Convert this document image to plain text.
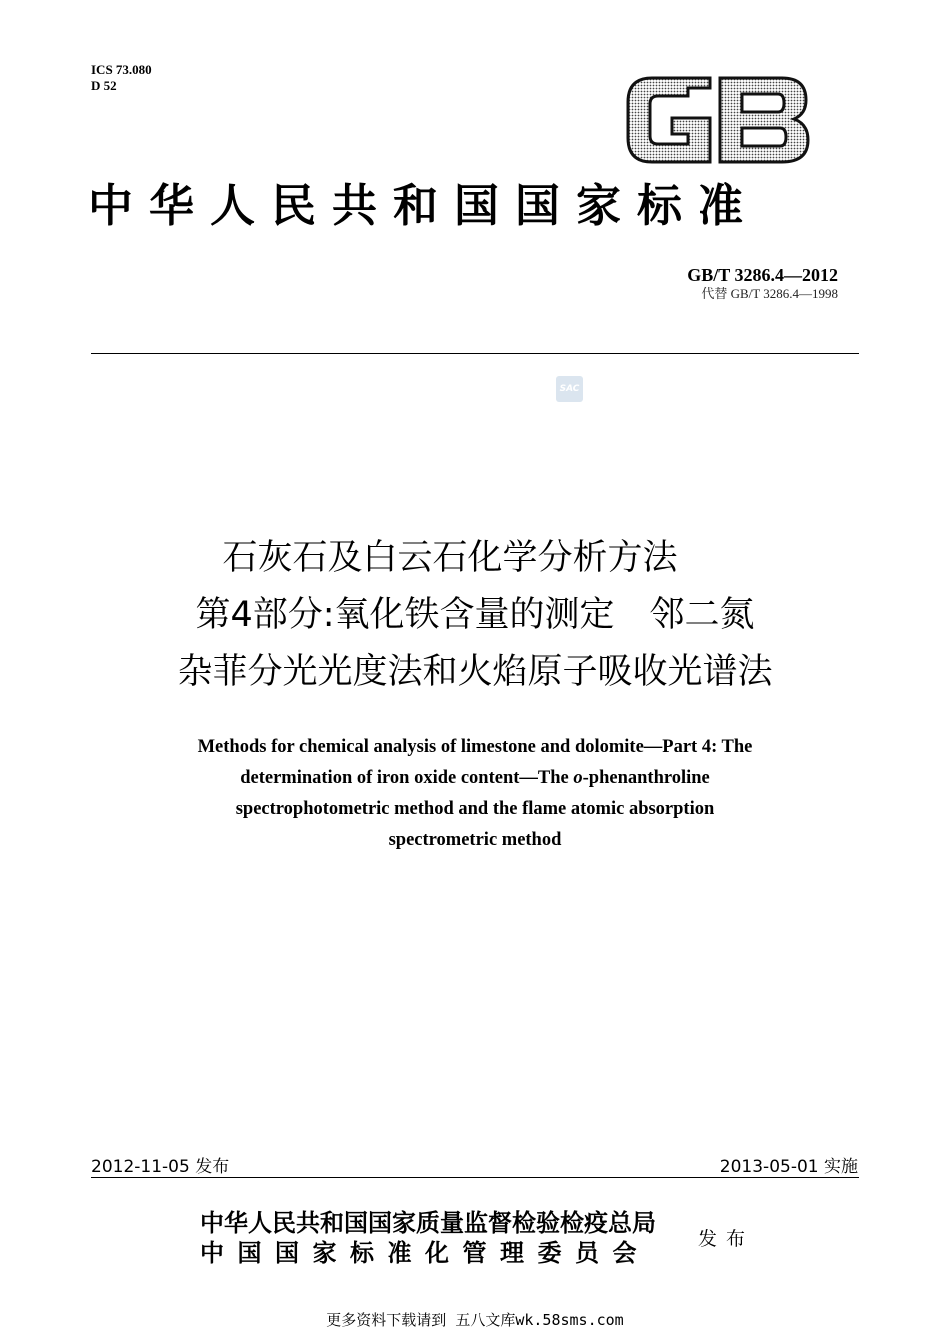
ICS 73.080
D 52
中华人民共和国国家标准
GB/T 3286.4—2012
代替 GB/T 3286.4—1998
SAC
石灰石及白云石化学分析方法
第4部分:氧化铁含量的测定　邻二氮
杂菲分光光度法和火焰原子吸收光谱法
Methods for chemical analysis of limestone and dolomite—Part 4: The
determination of iron oxide content—The o-phenanthroline
spectrophotometric method and the flame atomic absorption
spectrometric method
2012-11-05 发布	2013-05-01 实施
中华人民共和国国家质量监督检验检疫总局
中国国家标准化管理委员会	发布
更多资料下载请到 五八文库wk.58sms.com
